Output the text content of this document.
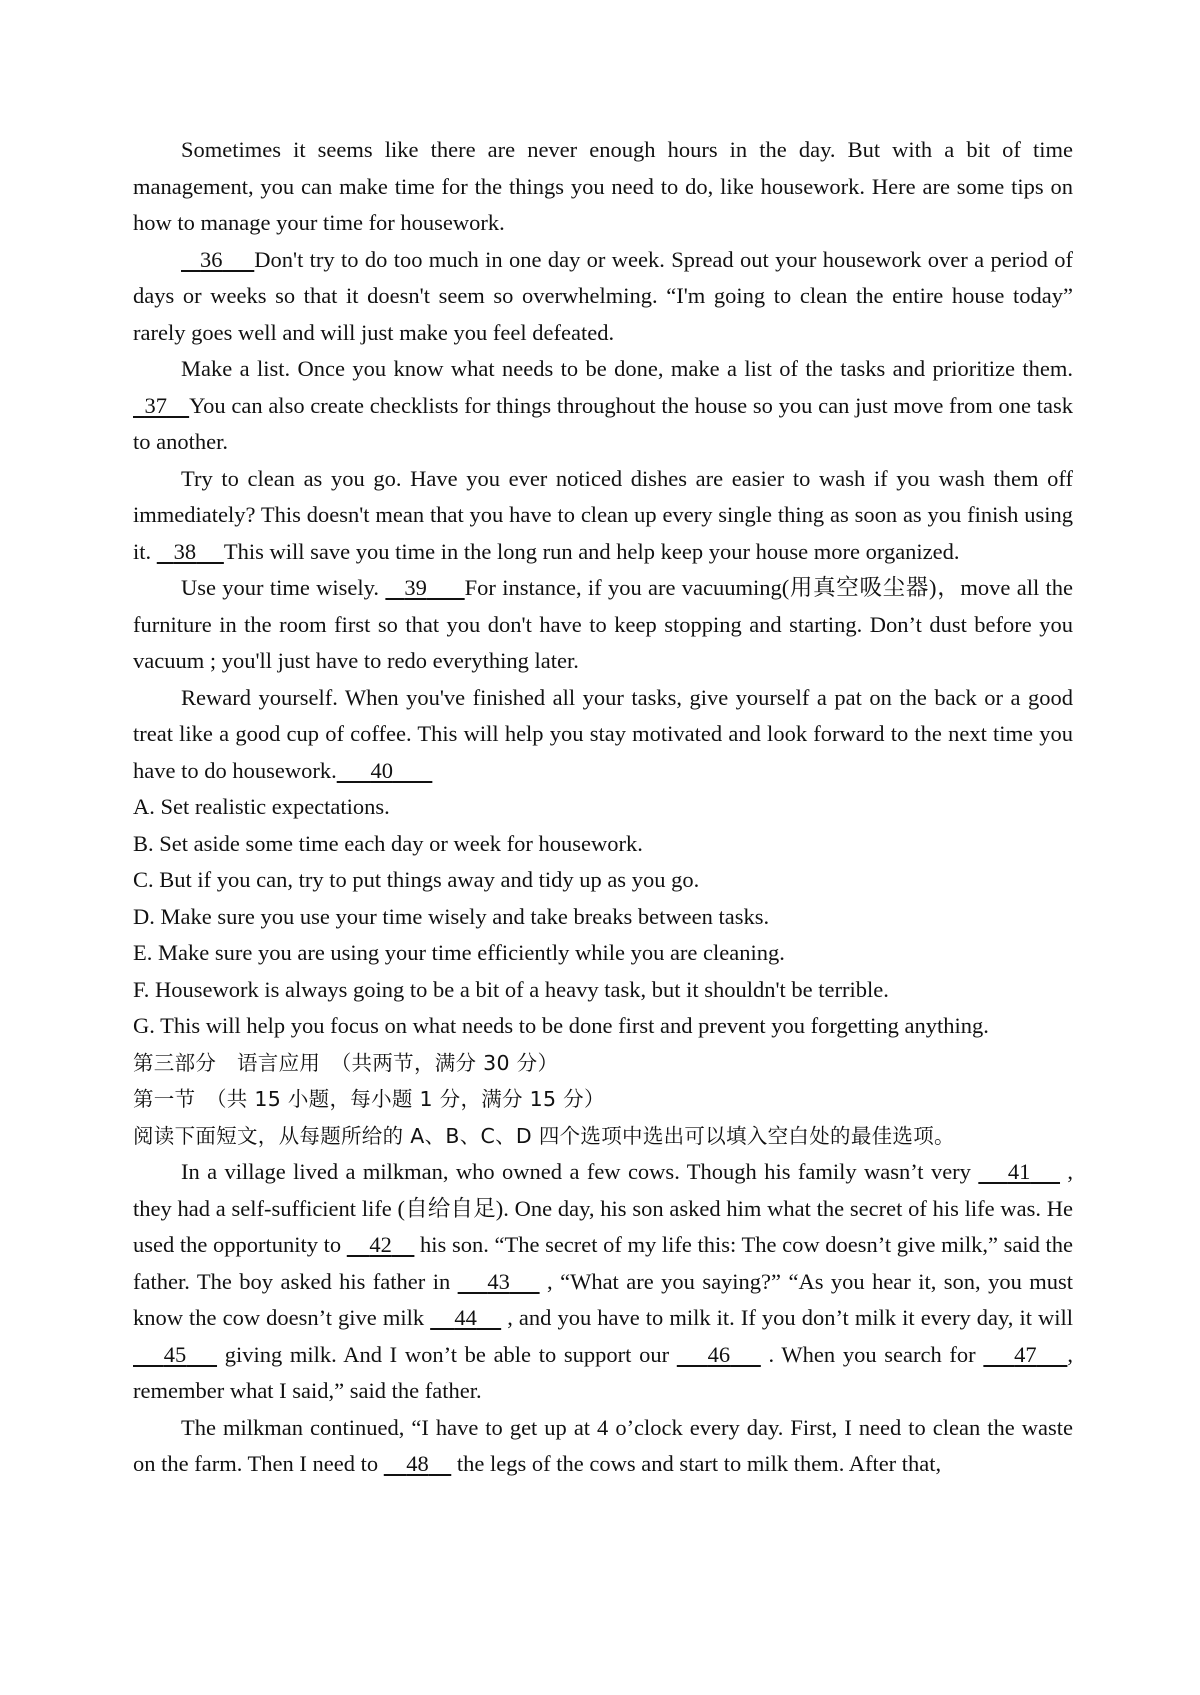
Sometimes it seems like there are never enough hours in the day. But with a bit of time management, you can make time for the things you need to do, like housework. Here are some tips on how to manage your time for housework.

36 Don't try to do too much in one day or week. Spread out your housework over a period of days or weeks so that it doesn't seem so overwhelming. “I'm going to clean the entire house today” rarely goes well and will just make you feel defeated.

Make a list. Once you know what needs to be done, make a list of the tasks and prioritize them.   37 You can also create checklists for things throughout the house so you can just move from one task to another.

Try to clean as you go. Have you ever noticed dishes are easier to wash if you wash them off immediately? This doesn't mean that you have to clean up every single thing as soon as you finish using it.    38 This will save you time in the long run and help keep your house more organized.

Use your time wisely.    39 For instance, if you are vacuuming(用真空吸尘器)，move all the furniture in the room first so that you don't have to keep stopping and starting. Don’t dust before you vacuum ; you'll just have to redo everything later.

Reward yourself. When you've finished all your tasks, give yourself a pat on the back or a good treat like a good cup of coffee. This will help you stay motivated and look forward to the next time you have to do housework. 40

A. Set realistic expectations.

B. Set aside some time each day or week for housework.

C. But if you can, try to put things away and tidy up as you go.

D. Make sure you use your time wisely and take breaks between tasks.

E. Make sure you are using your time efficiently while you are cleaning.

F. Housework is always going to be a bit of a heavy task, but it shouldn't be terrible.

G. This will help you focus on what needs to be done first and prevent you forgetting anything.

第三部分　语言应用　（共两节，满分 30 分）

第一节　（共 15 小题，每小题 1 分，满分 15 分）

阅读下面短文，从每题所给的 A、B、C、D 四个选项中选出可以填入空白处的最佳选项。

In a village lived a milkman, who owned a few cows. Though his family wasn’t very     41     , they had a self-sufficient life (自给自足). One day, his son asked him what the secret of his life was. He used the opportunity to     42     his son. “The secret of my life this: The cow doesn’t give milk,” said the father. The boy asked his father in     43     , “What are you saying?” “As you hear it, son, you must know the cow doesn’t give milk     44     , and you have to milk it. If you don’t milk it every day, it will     45     giving milk. And I won’t be able to support our     46     . When you search for     47 , remember what I said,” said the father.

The milkman continued, “I have to get up at 4 o’clock every day. First, I need to clean the waste on the farm. Then I need to     48     the legs of the cows and start to milk them. After that,
